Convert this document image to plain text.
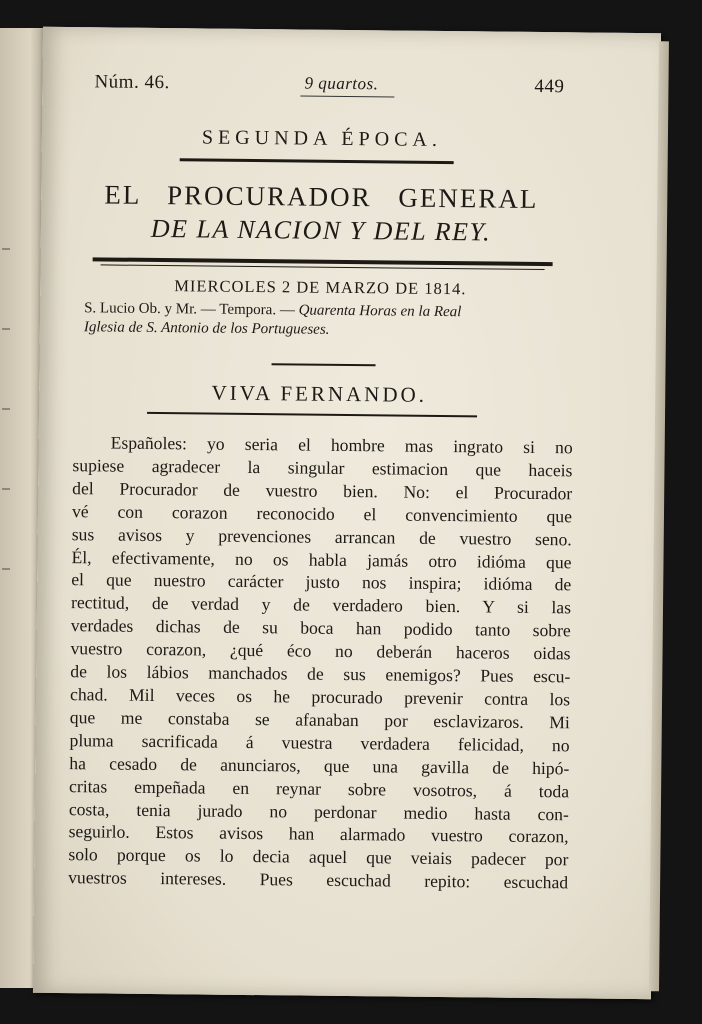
Núm. 46.	9 quartos.	449
SEGUNDA ÉPOCA.
EL PROCURADOR GENERAL
DE LA NACION Y DEL REY.
MIERCOLES 2 DE MARZO DE 1814.
S. Lucio Ob. y Mr. — Tempora. — Quarenta Horas en la Real
Iglesia de S. Antonio de los Portugueses.
VIVA FERNANDO.
Españoles: yo seria el hombre mas ingrato si no
supiese agradecer la singular estimacion que haceis
del Procurador de vuestro bien. No: el Procurador
vé con corazon reconocido el convencimiento que
sus avisos y prevenciones arrancan de vuestro seno.
Él, efectivamente, no os habla jamás otro idióma que
el que nuestro carácter justo nos inspira; idióma de
rectitud, de verdad y de verdadero bien. Y si las
verdades dichas de su boca han podido tanto sobre
vuestro corazon, ¿qué éco no deberán haceros oidas
de los lábios manchados de sus enemigos? Pues escu-
chad. Mil veces os he procurado prevenir contra los
que me constaba se afanaban por esclavizaros. Mi
pluma sacrificada á vuestra verdadera felicidad, no
ha cesado de anunciaros, que una gavilla de hipó-
critas empeñada en reynar sobre vosotros, á toda
costa, tenia jurado no perdonar medio hasta con-
seguirlo. Estos avisos han alarmado vuestro corazon,
solo porque os lo decia aquel que veiais padecer por
vuestros intereses. Pues escuchad repito: escuchad
